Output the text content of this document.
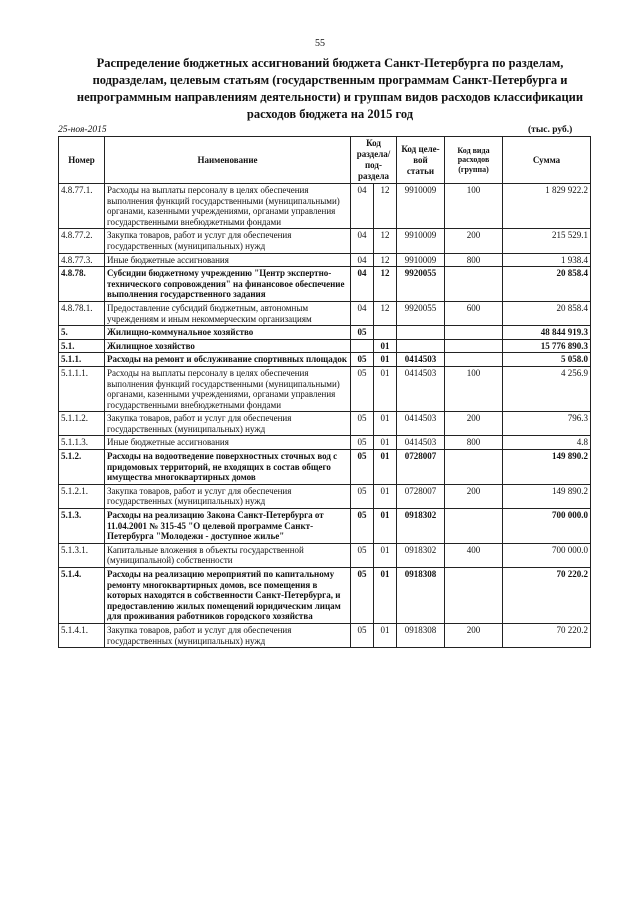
55
Распределение бюджетных ассигнований бюджета Санкт-Петербурга по разделам, подразделам, целевым статьям (государственным программам Санкт-Петербурга и непрограммным направлениям деятельности) и группам видов расходов классификации расходов бюджета на 2015 год
25-ноя-2015	(тыс. руб.)
Номер	Наименование	Код раздела/ под- раздела		Код целе- вой статьи	Код вида расходов (группа)	Сумма
4.8.77.1.	Расходы на выплаты персоналу в целях обеспечения выполнения функций государственными (муниципальными) органами, казенными учреждениями, органами управления государственными внебюджетными фондами	04	12	9910009	100	1 829 922.2
4.8.77.2.	Закупка товаров, работ и услуг для обеспечения государственных (муниципальных) нужд	04	12	9910009	200	215 529.1
4.8.77.3.	Иные бюджетные ассигнования	04	12	9910009	800	1 938.4
4.8.78.	Субсидии бюджетному учреждению "Центр экспертно-технического сопровождения" на финансовое обеспечение выполнения государственного задания	04	12	9920055		20 858.4
4.8.78.1.	Предоставление субсидий бюджетным, автономным учреждениям и иным некоммерческим организациям	04	12	9920055	600	20 858.4
5.	Жилищно-коммунальное хозяйство	05				48 844 919.3
5.1.	Жилищное хозяйство		01			15 776 890.3
5.1.1.	Расходы на ремонт и обслуживание спортивных площадок	05	01	0414503		5 058.0
5.1.1.1.	Расходы на выплаты персоналу в целях обеспечения выполнения функций государственными (муниципальными) органами, казенными учреждениями, органами управления государственными внебюджетными фондами	05	01	0414503	100	4 256.9
5.1.1.2.	Закупка товаров, работ и услуг для обеспечения государственных (муниципальных) нужд	05	01	0414503	200	796.3
5.1.1.3.	Иные бюджетные ассигнования	05	01	0414503	800	4.8
5.1.2.	Расходы на водоотведение поверхностных сточных вод с придомовых территорий, не входящих в состав общего имущества многоквартирных домов	05	01	0728007		149 890.2
5.1.2.1.	Закупка товаров, работ и услуг для обеспечения государственных (муниципальных) нужд	05	01	0728007	200	149 890.2
5.1.3.	Расходы на реализацию Закона Санкт-Петербурга от 11.04.2001 № 315-45 "О целевой программе Санкт-Петербурга "Молодежи - доступное жилье"	05	01	0918302		700 000.0
5.1.3.1.	Капитальные вложения в объекты государственной (муниципальной) собственности	05	01	0918302	400	700 000.0
5.1.4.	Расходы на реализацию мероприятий по капитальному ремонту многоквартирных домов, все помещения в которых находятся в собственности Санкт-Петербурга, и предоставлению жилых помещений юридическим лицам для проживания работников городского хозяйства	05	01	0918308		70 220.2
5.1.4.1.	Закупка товаров, работ и услуг для обеспечения государственных (муниципальных) нужд	05	01	0918308	200	70 220.2
